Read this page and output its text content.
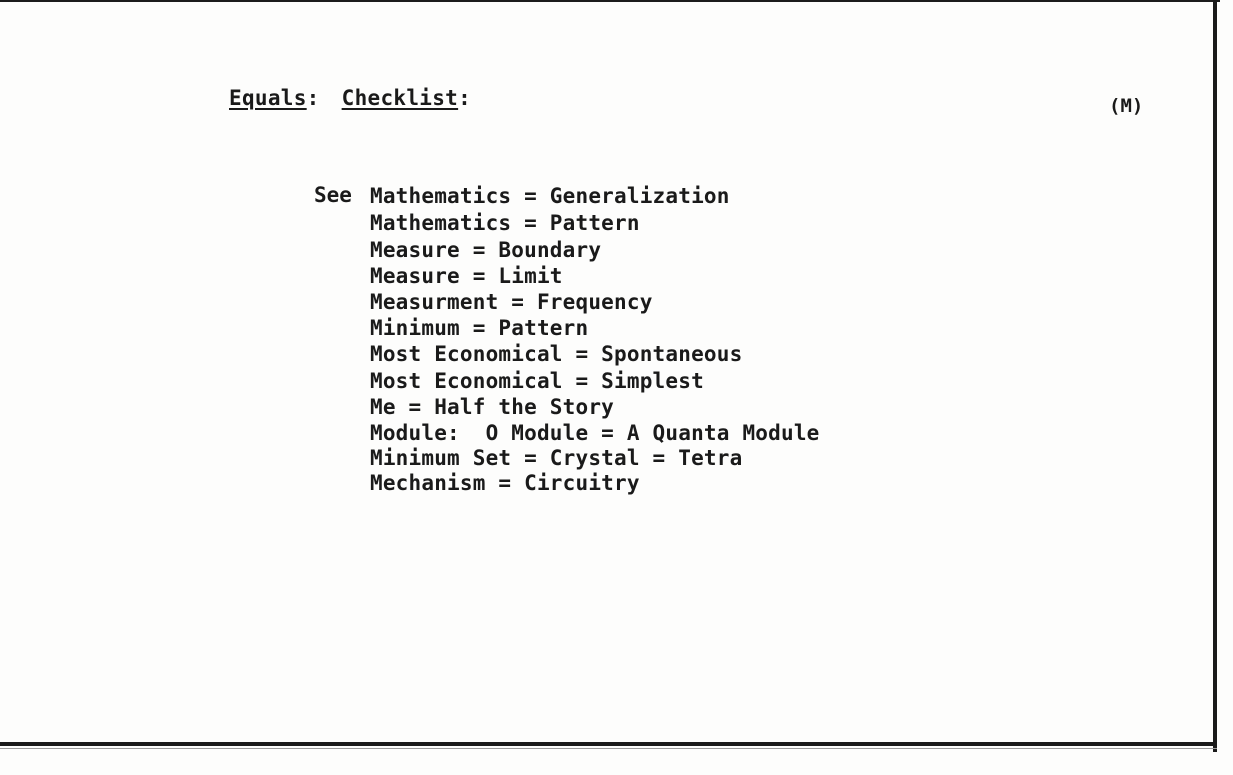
Equals: Checklist:	(M)
See Mathematics = Generalization
Mathematics = Pattern
Measure = Boundary
Measure = Limit
Measurment = Frequency
Minimum = Pattern
Most Economical = Spontaneous
Most Economical = Simplest
Me = Half the Story
Module:  O Module = A Quanta Module
Minimum Set = Crystal = Tetra
Mechanism = Circuitry
